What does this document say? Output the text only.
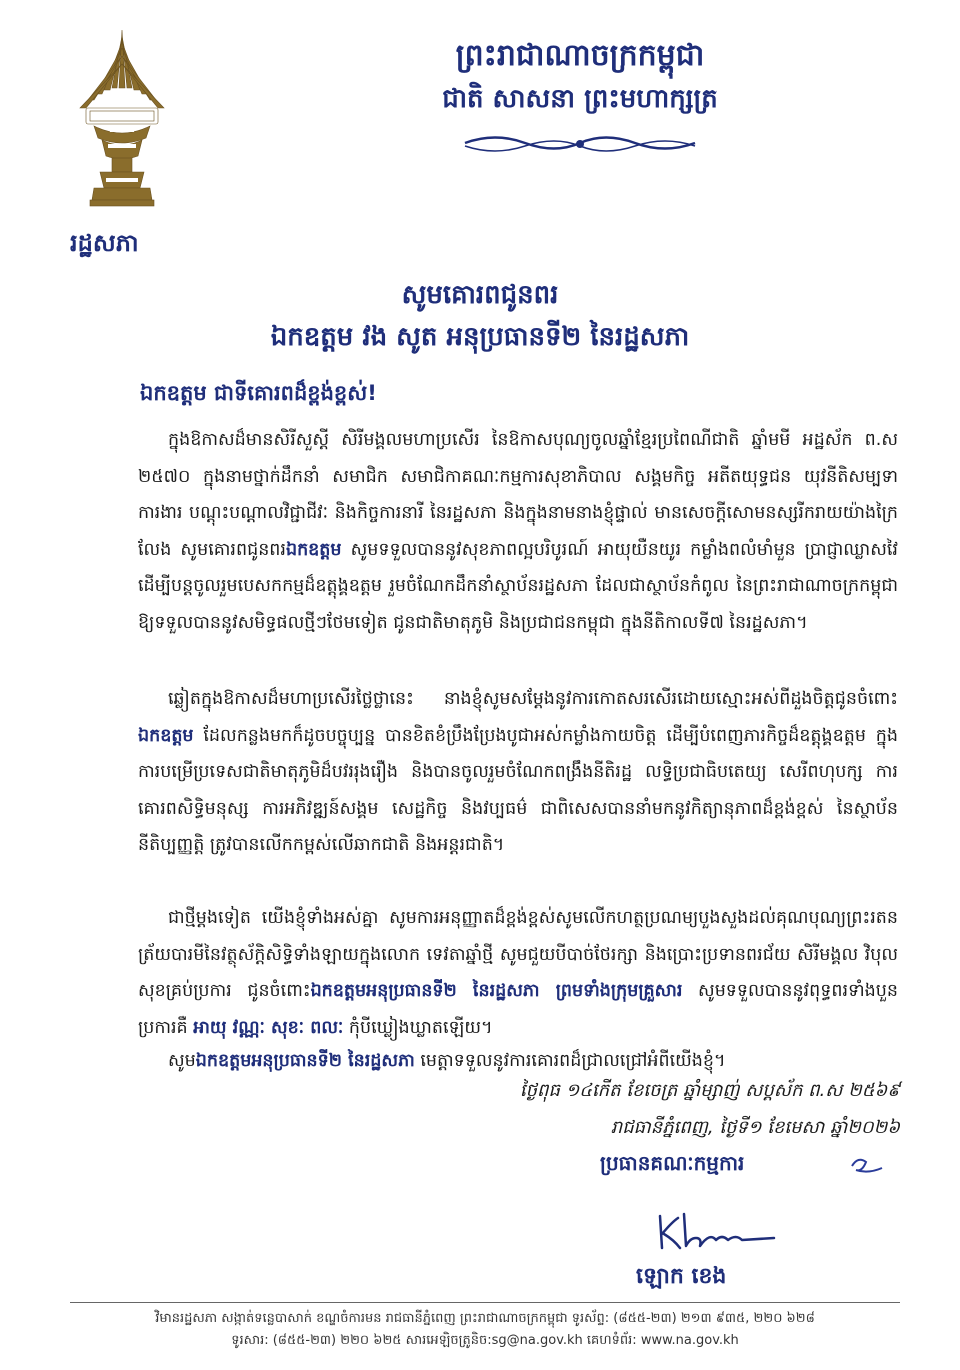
រដ្ឋសភា
ព្រះរាជាណាចក្រកម្ពុជា
ជាតិ សាសនា ព្រះមហាក្សត្រ
សូមគោរពជូនពរ
ឯកឧត្តម វង សូត អនុប្រធានទី២ នៃរដ្ឋសភា
ឯកឧត្តម ជាទីគោរពដ៏ខ្ពង់ខ្ពស់!
ក្នុងឱកាសដ៏មានសិរីសួស្តី សិរីមង្គលមហាប្រសើរ នៃឱកាសបុណ្យចូលឆ្នាំខ្មែរប្រពៃណីជាតិ ឆ្នាំមមី អដ្ឋស័ក ព.ស ២៥៧០ ក្នុងនាមថ្នាក់ដឹកនាំ សមាជិក សមាជិកាគណៈកម្មការសុខាភិបាល សង្គមកិច្ច អតីតយុទ្ធជន យុវនីតិសម្បទា ការងារ បណ្តុះបណ្តាលវិជ្ជាជីវៈ និងកិច្ចការនារី នៃរដ្ឋសភា និងក្នុងនាមនាងខ្ញុំផ្ទាល់ មានសេចក្តីសោមនស្សរីករាយយ៉ាងក្រៃលែង សូមគោរពជូនពរឯកឧត្តម សូមទទួលបាននូវសុខភាពល្អបរិបូរណ៍ អាយុយឺនយូរ កម្លាំងពលំមាំមួន ប្រាជ្ញាឈ្លាសវៃ ដើម្បីបន្តចូលរួមបេសកកម្មដ៏ឧត្តុង្គឧត្តម រួមចំណែកដឹកនាំស្ថាប័នរដ្ឋសភា ដែលជាស្ថាប័នកំពូល នៃព្រះរាជាណាចក្រកម្ពុជា ឱ្យទទួលបាននូវសមិទ្ធផលថ្មីៗថែមទៀត ជូនជាតិមាតុភូមិ និងប្រជាជនកម្ពុជា ក្នុងនីតិកាលទី៧ នៃរដ្ឋសភា។
ឆ្លៀតក្នុងឱកាសដ៏មហាប្រសើរថ្លៃថ្លានេះ នាងខ្ញុំសូមសម្តែងនូវការកោតសរសើរដោយស្មោះអស់ពីដួងចិត្តជូនចំពោះ ឯកឧត្តម ដែលកន្លងមកក៏ដូចបច្ចុប្បន្ន បានខិតខំប្រឹងប្រែងបូជាអស់កម្លាំងកាយចិត្ត ដើម្បីបំពេញភារកិច្ចដ៏ឧត្តុង្គឧត្តម ក្នុងការបម្រើប្រទេសជាតិមាតុភូមិដ៏បវររុងរឿង និងបានចូលរួមចំណែកពង្រឹងនីតិរដ្ឋ លទ្ធិប្រជាធិបតេយ្យ សេរីពហុបក្ស ការគោរពសិទ្ធិមនុស្ស ការអភិវឌ្ឍន៍សង្គម សេដ្ឋកិច្ច និងវប្បធម៌ ជាពិសេសបាននាំមកនូវកិត្យានុភាពដ៏ខ្ពង់ខ្ពស់ នៃស្ថាប័ននីតិប្បញ្ញត្តិ ត្រូវបានលើកកម្ពស់លើឆាកជាតិ និងអន្តរជាតិ។
ជាថ្មីម្តងទៀត យើងខ្ញុំទាំងអស់គ្នា សូមការអនុញ្ញាតដ៏ខ្ពង់ខ្ពស់សូមលើកហត្ថប្រណម្យបួងសួងដល់គុណបុណ្យព្រះរតនត្រ័យបារមីនៃវត្ថុស័ក្តិសិទ្ធិទាំងឡាយក្នុងលោក ទេវតាឆ្នាំថ្មី សូមជួយបីបាច់ថែរក្សា និងប្រោះប្រទានពរជ័យ សិរីមង្គល វិបុលសុខគ្រប់ប្រការ ជូនចំពោះឯកឧត្តមអនុប្រធានទី២ នៃរដ្ឋសភា ព្រមទាំងក្រុមគ្រួសារ សូមទទួលបាននូវពុទ្ធពរទាំងបួនប្រការគឺ អាយុ វណ្ណៈ សុខៈ ពលៈ កុំបីឃ្លៀងឃ្លាតឡើយ។
សូមឯកឧត្តមអនុប្រធានទី២ នៃរដ្ឋសភា មេត្តាទទួលនូវការគោរពដ៏ជ្រាលជ្រៅអំពីយើងខ្ញុំ។
ថ្ងៃពុធ ១៤កើត ខែចេត្រ ឆ្នាំម្សាញ់ សប្តស័ក ព.ស ២៥៦៩
រាជធានីភ្នំពេញ, ថ្ងៃទី១ ខែមេសា ឆ្នាំ២០២៦
ប្រធានគណៈកម្មការ
ឡោក ខេង
វិមានរដ្ឋសភា សង្កាត់ទន្លេបាសាក់ ខណ្ឌចំការមន រាជធានីភ្នំពេញ ព្រះរាជាណាចក្រកម្ពុជា ទូរស័ព្ទ: (៨៥៥-២៣) ២១៣ ៩៣៥, ២២០ ៦២៨
ទូរសារ: (៨៥៥-២៣) ២២០ ៦២៥ សារអេឡិចត្រូនិច:sg@na.gov.kh គេហទំព័រ: www.na.gov.kh
